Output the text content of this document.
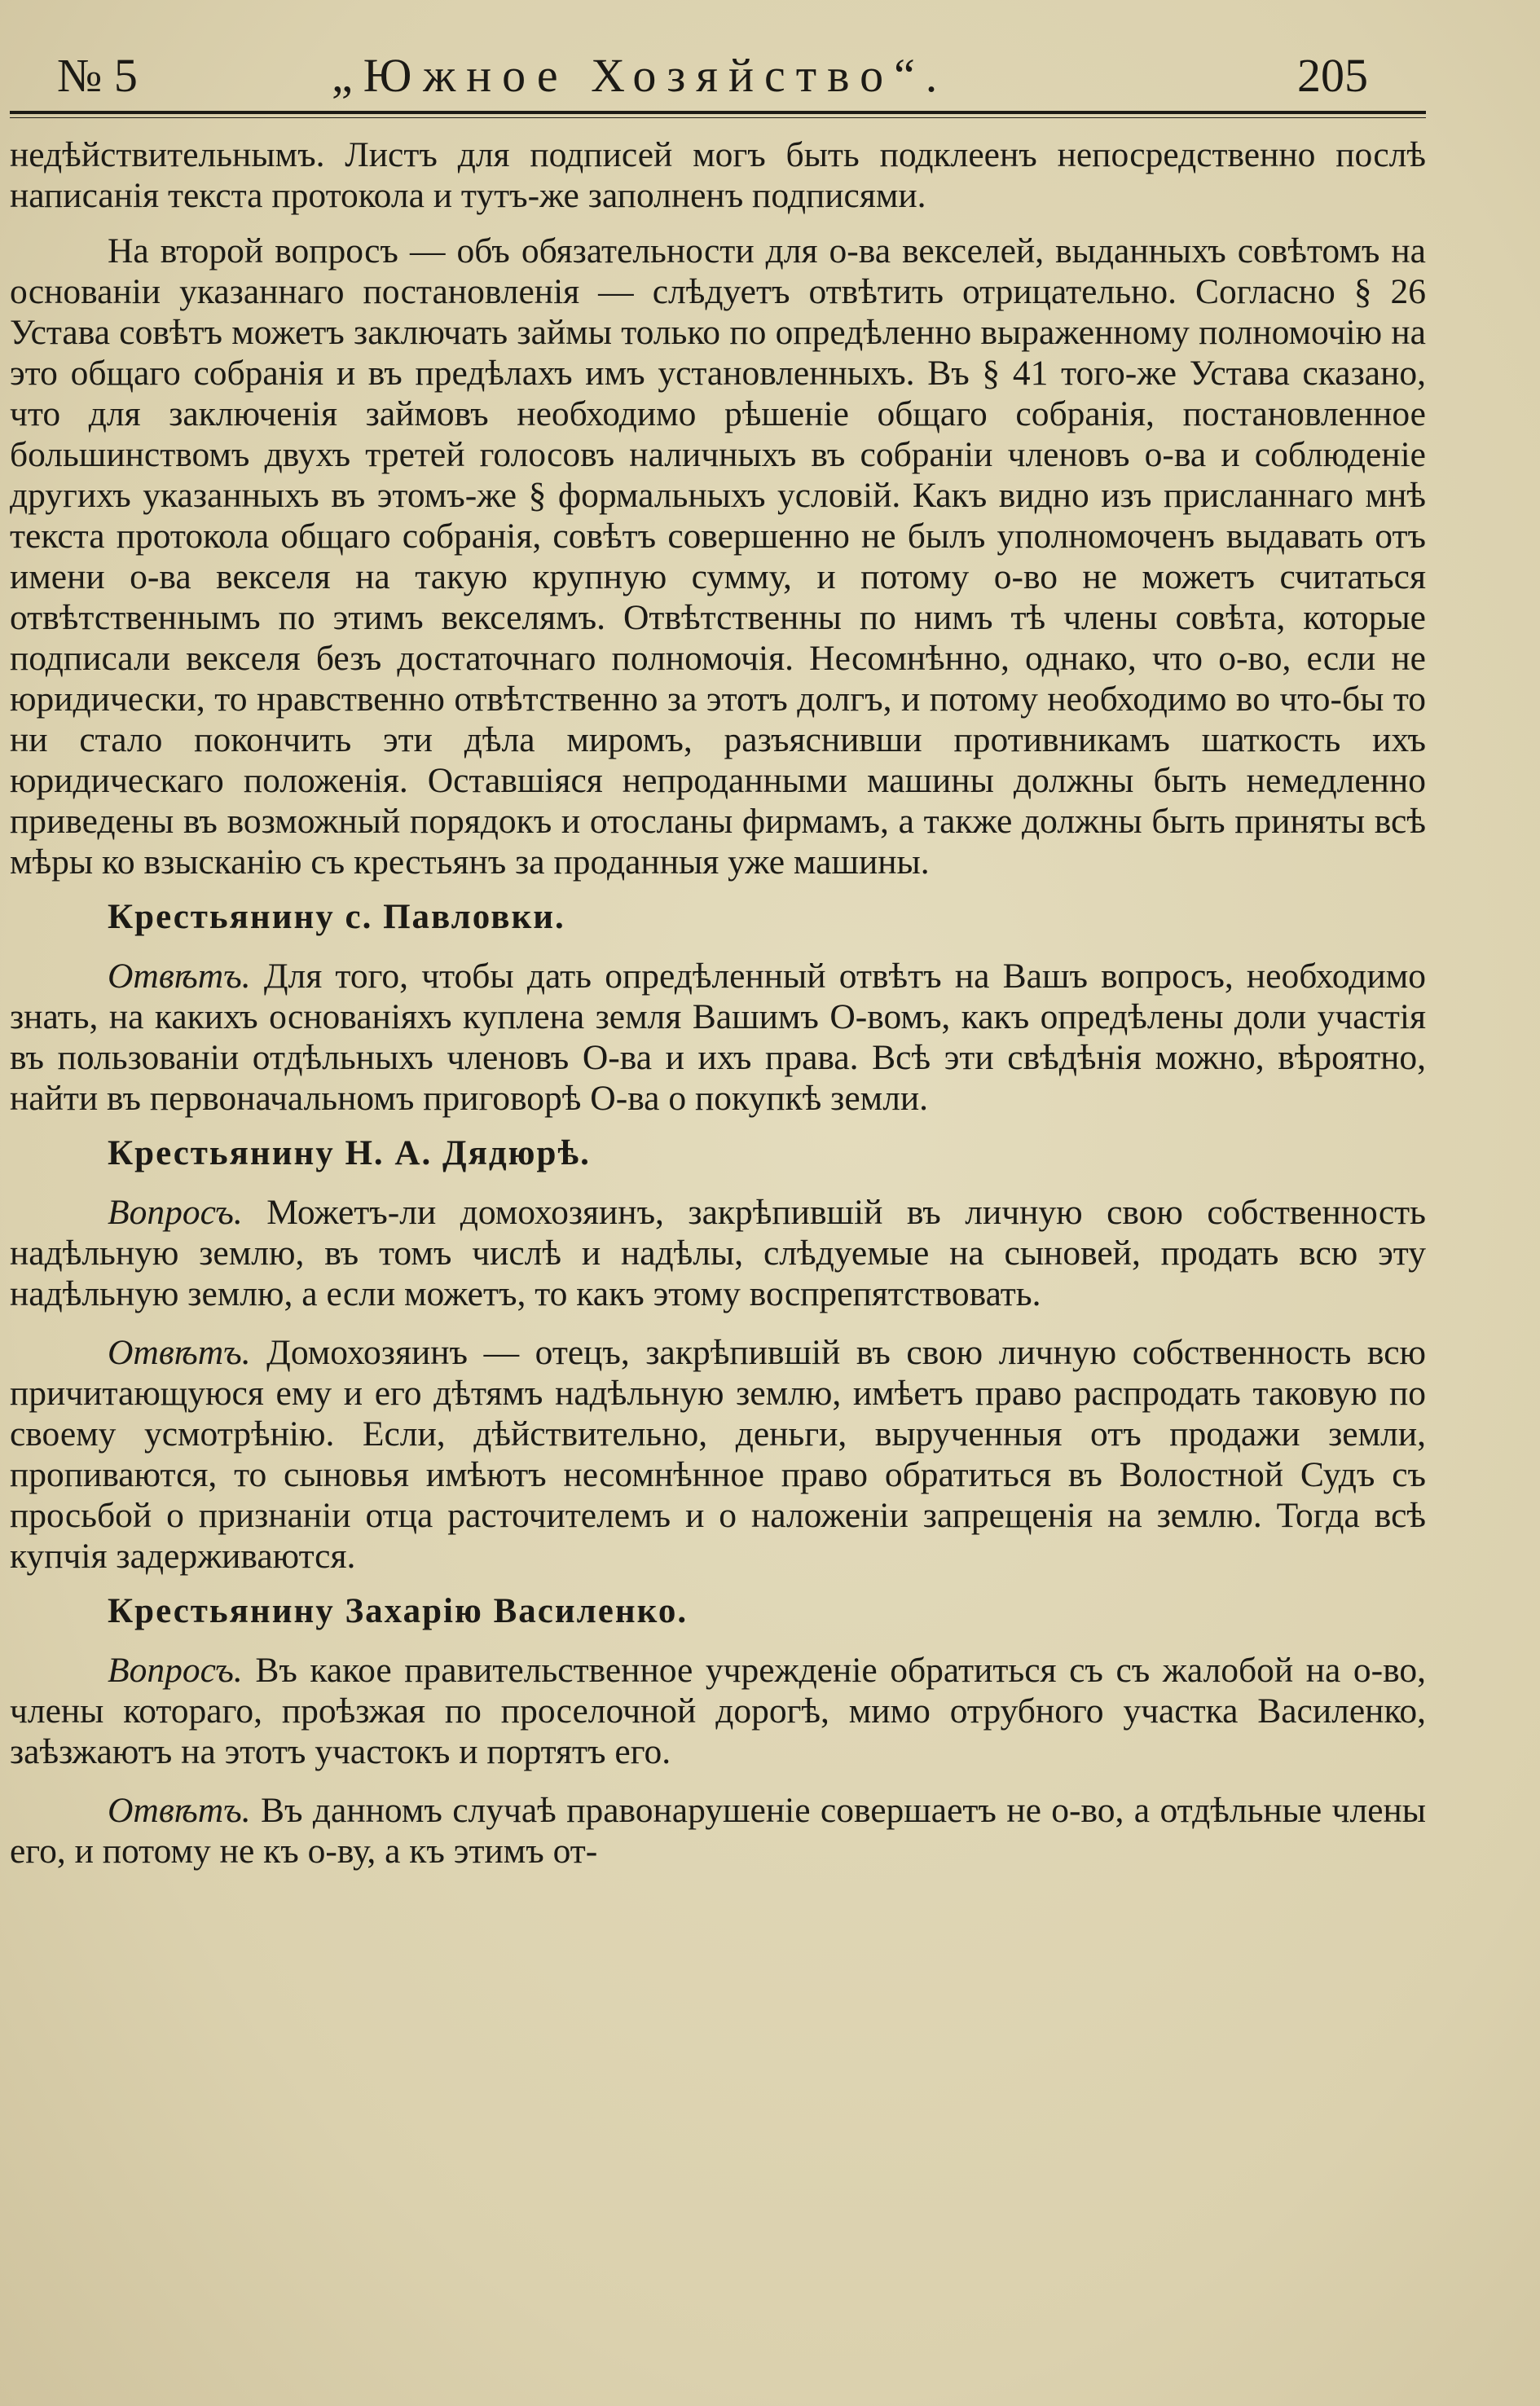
№ 5	„Южное Хозяйство“.	205

недѣйствительнымъ. Листъ для подписей могъ быть подклеенъ непосредственно послѣ написанія текста протокола и тутъ-же заполненъ подписями.

На второй вопросъ — объ обязательности для о-ва векселей, выданныхъ совѣтомъ на основаніи указаннаго постановленія — слѣдуетъ отвѣтить отрицательно. Согласно § 26 Устава совѣтъ можетъ заключать займы только по опредѣленно выраженному полномочію на это общаго собранія и въ предѣлахъ имъ установленныхъ. Въ § 41 того-же Устава сказано, что для заключенія займовъ необходимо рѣшеніе общаго собранія, постановленное большинствомъ двухъ третей голосовъ наличныхъ въ собраніи членовъ о-ва и соблюденіе другихъ указанныхъ въ этомъ-же § формальныхъ условій. Какъ видно изъ присланнаго мнѣ текста протокола общаго собранія, совѣтъ совершенно не былъ уполномоченъ выдавать отъ имени о-ва векселя на такую крупную сумму, и потому о-во не можетъ считаться отвѣтственнымъ по этимъ векселямъ. Отвѣтственны по нимъ тѣ члены совѣта, которые подписали векселя безъ достаточнаго полномочія. Несомнѣнно, однако, что о-во, если не юридически, то нравственно отвѣтственно за этотъ долгъ, и потому необходимо во что-бы то ни стало покончить эти дѣла миромъ, разъяснивши противникамъ шаткость ихъ юридическаго положенія. Оставшіяся непроданными машины должны быть немедленно приведены въ возможный порядокъ и отосланы фирмамъ, а также должны быть приняты всѣ мѣры ко взысканію съ крестьянъ за проданныя уже машины.

Крестьянину с. Павловки.

Отвѣтъ. Для того, чтобы дать опредѣленный отвѣтъ на Вашъ вопросъ, необходимо знать, на какихъ основаніяхъ куплена земля Вашимъ О-вомъ, какъ опредѣлены доли участія въ пользованіи отдѣльныхъ членовъ О-ва и ихъ права. Всѣ эти свѣдѣнія можно, вѣроятно, найти въ первоначальномъ приговорѣ О-ва о покупкѣ земли.

Крестьянину Н. А. Дядюрѣ.

Вопросъ. Можетъ-ли домохозяинъ, закрѣпившій въ личную свою собственность надѣльную землю, въ томъ числѣ и надѣлы, слѣдуемые на сыновей, продать всю эту надѣльную землю, а если можетъ, то какъ этому воспрепятствовать.

Отвѣтъ. Домохозяинъ — отецъ, закрѣпившій въ свою личную собственность всю причитающуюся ему и его дѣтямъ надѣльную землю, имѣетъ право распродать таковую по своему усмотрѣнію. Если, дѣйствительно, деньги, вырученныя отъ продажи земли, пропиваются, то сыновья имѣютъ несомнѣнное право обратиться въ Волостной Судъ съ просьбой о признаніи отца расточителемъ и о наложеніи запрещенія на землю. Тогда всѣ купчія задерживаются.

Крестьянину Захарію Василенко.

Вопросъ. Въ какое правительственное учрежденіе обратиться съ съ жалобой на о-во, члены котораго, проѣзжая по проселочной дорогѣ, мимо отрубного участка Василенко, заѣзжаютъ на этотъ участокъ и портятъ его.

Отвѣтъ. Въ данномъ случаѣ правонарушеніе совершаетъ не о-во, а отдѣльные члены его, и потому не къ о-ву, а къ этимъ от-
